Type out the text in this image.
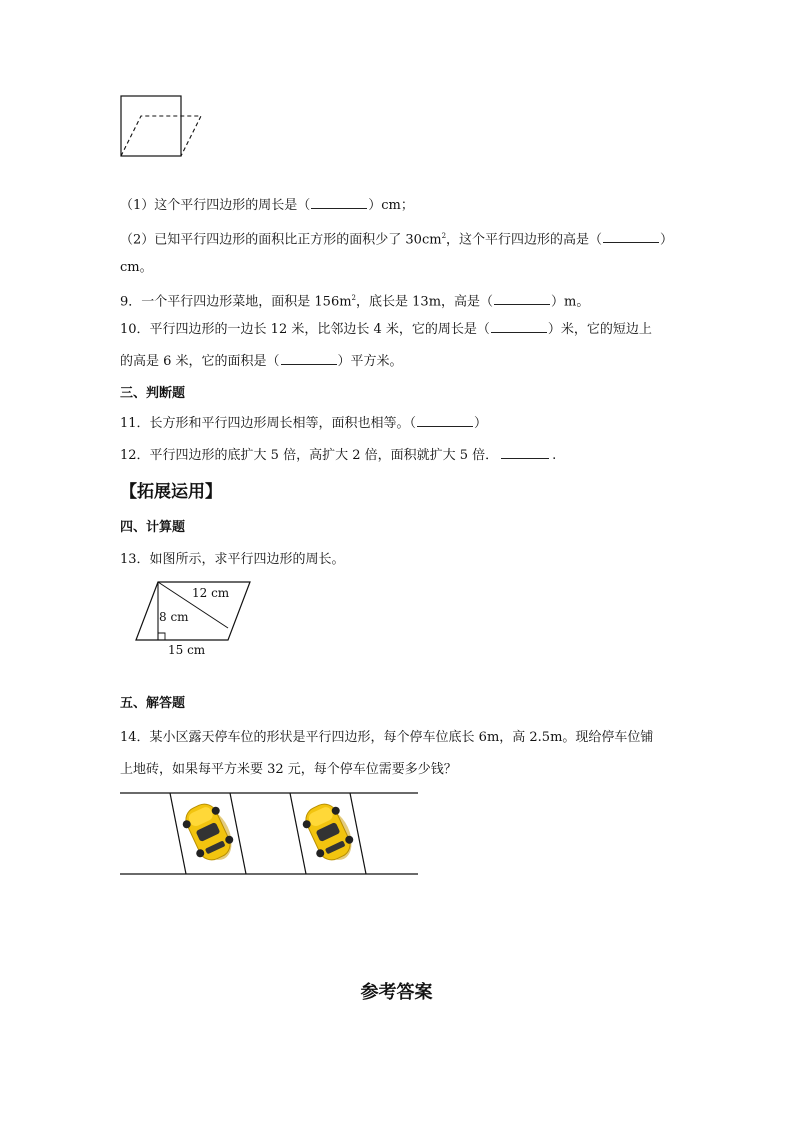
（1）这个平行四边形的周长是（	）cm；
（2）已知平行四边形的面积比正方形的面积少了 $30cm^2$，这个平行四边形的高是（	）
cm。
9．一个平行四边形菜地，面积是 $156m^2$，底长是 13m，高是（	）m。
10．平行四边形的一边长 12 米，比邻边长 4 米，它的周长是（	）米，它的短边上
的高是 6 米，它的面积是（	）平方米。
三、判断题
11．长方形和平行四边形周长相等，面积也相等。（	）
12．平行四边形的底扩大 5 倍，高扩大 2 倍，面积就扩大 5 倍．	.
【拓展运用】
四、计算题
13．如图所示，求平行四边形的周长。
12 cm
8 cm
15 cm
五、解答题
14．某小区露天停车位的形状是平行四边形，每个停车位底长 6m，高 2.5m。现给停车位铺
上地砖，如果每平方米要 32 元，每个停车位需要多少钱？
参考答案
